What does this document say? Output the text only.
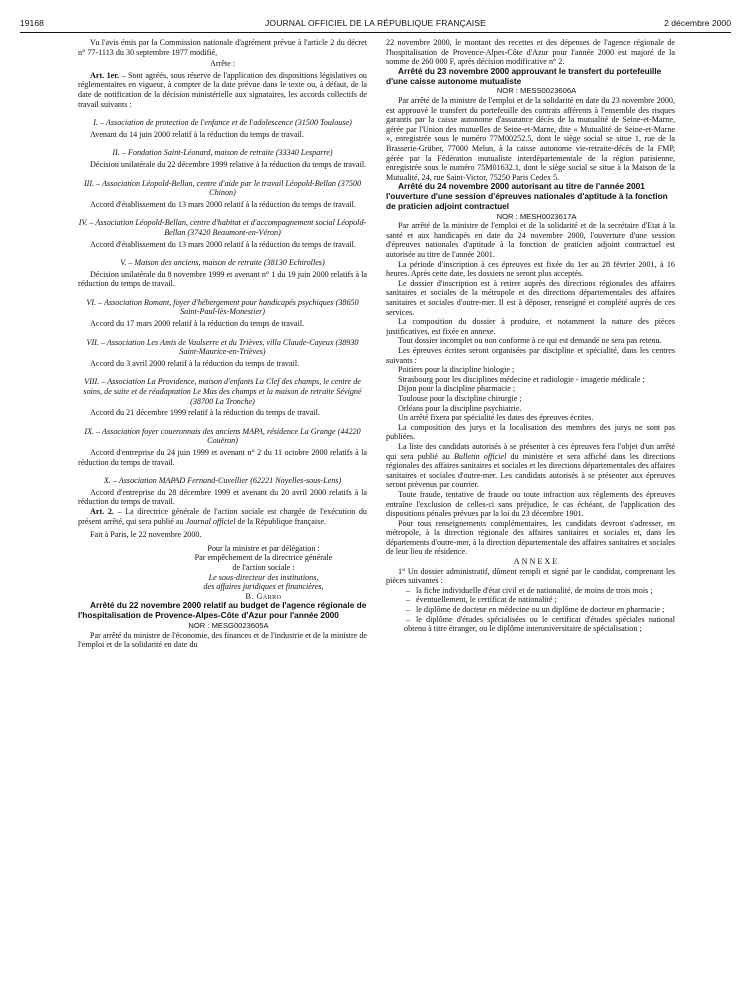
19168	JOURNAL OFFICIEL DE LA RÉPUBLIQUE FRANÇAISE	2 décembre 2000

Vu l'avis émis par la Commission nationale d'agrément prévue à l'article 2 du décret n° 77-1113 du 30 septembre 1977 modifié,

Arrête :

Art. 1er. – Sont agréés, sous réserve de l'application des dispositions législatives ou réglementaires en vigueur, à compter de la date prévue dans le texte ou, à défaut, de la date de notification de la décision ministérielle aux signataires, les accords collectifs de travail suivants :

I. – Association de protection de l'enfance et de l'adolescence (31500 Toulouse)

Avenant du 14 juin 2000 relatif à la réduction du temps de travail.

II. – Fondation Saint-Léonard, maison de retraite (33340 Lesparre)

Décision unilatérale du 22 décembre 1999 relative à la réduction du temps de travail.

III. – Association Léopold-Bellan, centre d'aide par le travail Léopold-Bellan (37500 Chinon)

Accord d'établissement du 13 mars 2000 relatif à la réduction du temps de travail.

IV. – Association Léopold-Bellan, centre d'habitat et d'accompagnement social Léopold-Bellan (37420 Beaumont-en-Véron)

Accord d'établissement du 13 mars 2000 relatif à la réduction du temps de travail.

V. – Maison des anciens, maison de retraite (38130 Echirolles)

Décision unilatérale du 8 novembre 1999 et avenant n° 1 du 19 juin 2000 relatifs à la réduction du temps de travail.

VI. – Association Romant, foyer d'hébergement pour handicapés psychiques (38650 Saint-Paul-lès-Monestier)

Accord du 17 mars 2000 relatif à la réduction du temps de travail.

VII. – Association Les Amis de Vaulserre et du Trièves, villa Claude-Cayeux (38930 Saint-Maurice-en-Trièves)

Accord du 3 avril 2000 relatif à la réduction du temps de travail.

VIII. – Association La Providence, maison d'enfants La Clef des champs, le centre de soins, de suite et de réadaptation Le Mas des champs et la maison de retraite Sévigné (38700 La Tronche)

Accord du 21 décembre 1999 relatif à la réduction du temps de travail.

IX. – Association foyer coueronnais des anciens MAPA, résidence La Grange (44220 Couëron)

Accord d'entreprise du 24 juin 1999 et avenant n° 2 du 11 octobre 2000 relatifs à la réduction du temps de travail.

X. – Association MAPAD Fernand-Cuvellier (62221 Noyelles-sous-Lens)

Accord d'entreprise du 28 décembre 1999 et avenant du 20 avril 2000 relatifs à la réduction du temps de travail.

Art. 2. – La directrice générale de l'action sociale est chargée de l'exécution du présent arrêté, qui sera publié au Journal officiel de la République française.

Fait à Paris, le 22 novembre 2000.

Pour la ministre et par délégation :

Par empêchement de la directrice générale

de l'action sociale :

Le sous-directeur des institutions,

des affaires juridiques et financières,

B. Garro

Arrêté du 22 novembre 2000 relatif au budget de l'agence régionale de l'hospitalisation de Provence-Alpes-Côte d'Azur pour l'année 2000

NOR : MESG0023605A

Par arrêté du ministre de l'économie, des finances et de l'industrie et de la ministre de l'emploi et de la solidarité en date du

22 novembre 2000, le montant des recettes et des dépenses de l'agence régionale de l'hospitalisation de Provence-Alpes-Côte d'Azur pour l'année 2000 est majoré de la somme de 260 000 F, après décision modificative n° 2.

Arrêté du 23 novembre 2000 approuvant le transfert du portefeuille d'une caisse autonome mutualiste

NOR : MESS0023606A

Par arrêté de la ministre de l'emploi et de la solidarité en date du 23 novembre 2000, est approuvé le transfert du portefeuille des contrats afférents à l'ensemble des risques garantis par la caisse autonome d'assurance décès de la mutualité de Seine-et-Marne, gérée par l'Union des mutuelles de Seine-et-Marne, dite « Mutualité de Seine-et-Marne », enregistrée sous le numéro 77M00252.5, dont le siège social se situe 1, rue de la Brasserie-Grüber, 77000 Melun, à la caisse autonome vie-retraite-décès de la FMP, gérée par la Fédération mutualiste interdépartementale de la région parisienne, enregistrée sous le numéro 75M01632.1, dont le siège social se situe à la Maison de la Mutualité, 24, rue Saint-Victor, 75250 Paris Cedex 5.

Arrêté du 24 novembre 2000 autorisant au titre de l'année 2001 l'ouverture d'une session d'épreuves nationales d'aptitude à la fonction de praticien adjoint contractuel

NOR : MESH0023617A

Par arrêté de la ministre de l'emploi et de la solidarité et de la secrétaire d'Etat à la santé et aux handicapés en date du 24 novembre 2000, l'ouverture d'une session d'épreuves nationales d'aptitude à la fonction de praticien adjoint contractuel est autorisée au titre de l'année 2001.

La période d'inscription à ces épreuves est fixée du 1er au 28 février 2001, à 16 heures. Après cette date, les dossiers ne seront plus acceptés.

Le dossier d'inscription est à retirer auprès des directions régionales des affaires sanitaires et sociales de la métropole et des directions départementales des affaires sanitaires et sociales d'outre-mer. Il est à déposer, renseigné et complété auprès de ces services.

La composition du dossier à produire, et notamment la nature des pièces justificatives, est fixée en annexe.

Tout dossier incomplet ou non conforme à ce qui est demandé ne sera pas retenu.

Les épreuves écrites seront organisées par discipline et spécialité, dans les centres suivants :

Poitiers pour la discipline biologie ;

Strasbourg pour les disciplines médecine et radiologie - imagerie médicale ;

Dijon pour la discipline pharmacie ;

Toulouse pour la discipline chirurgie ;

Orléans pour la discipline psychiatrie.

Un arrêté fixera par spécialité les dates des épreuves écrites.

La composition des jurys et la localisation des membres des jurys ne sont pas publiées.

La liste des candidats autorisés à se présenter à ces épreuves fera l'objet d'un arrêté qui sera publié au Bulletin officiel du ministère et sera affiché dans les directions régionales des affaires sanitaires et sociales et les directions départementales des affaires sanitaires et sociales d'outre-mer. Les candidats autorisés à se présenter aux épreuves seront prévenus par courrier.

Toute fraude, tentative de fraude ou toute infraction aux règlements des épreuves entraîne l'exclusion de celles-ci sans préjudice, le cas échéant, de l'application des dispositions pénales prévues par la loi du 23 décembre 1901.

Pour tous renseignements complémentaires, les candidats devront s'adresser, en métropole, à la direction régionale des affaires sanitaires et sociales et, dans les départements d'outre-mer, à la direction départementale des affaires sanitaires et sociales de leur lieu de résidence.

ANNEXE

1° Un dossier administratif, dûment rempli et signé par le candidat, comprenant les pièces suivantes :

– la fiche individuelle d'état civil et de nationalité, de moins de trois mois ;

– éventuellement, le certificat de nationalité ;

– le diplôme de docteur en médecine ou un diplôme de docteur en pharmacie ;

– le diplôme d'études spécialisées ou le certificat d'études spéciales national obtenu à titre étranger, ou le diplôme interuniversitaire de spécialisation ;
